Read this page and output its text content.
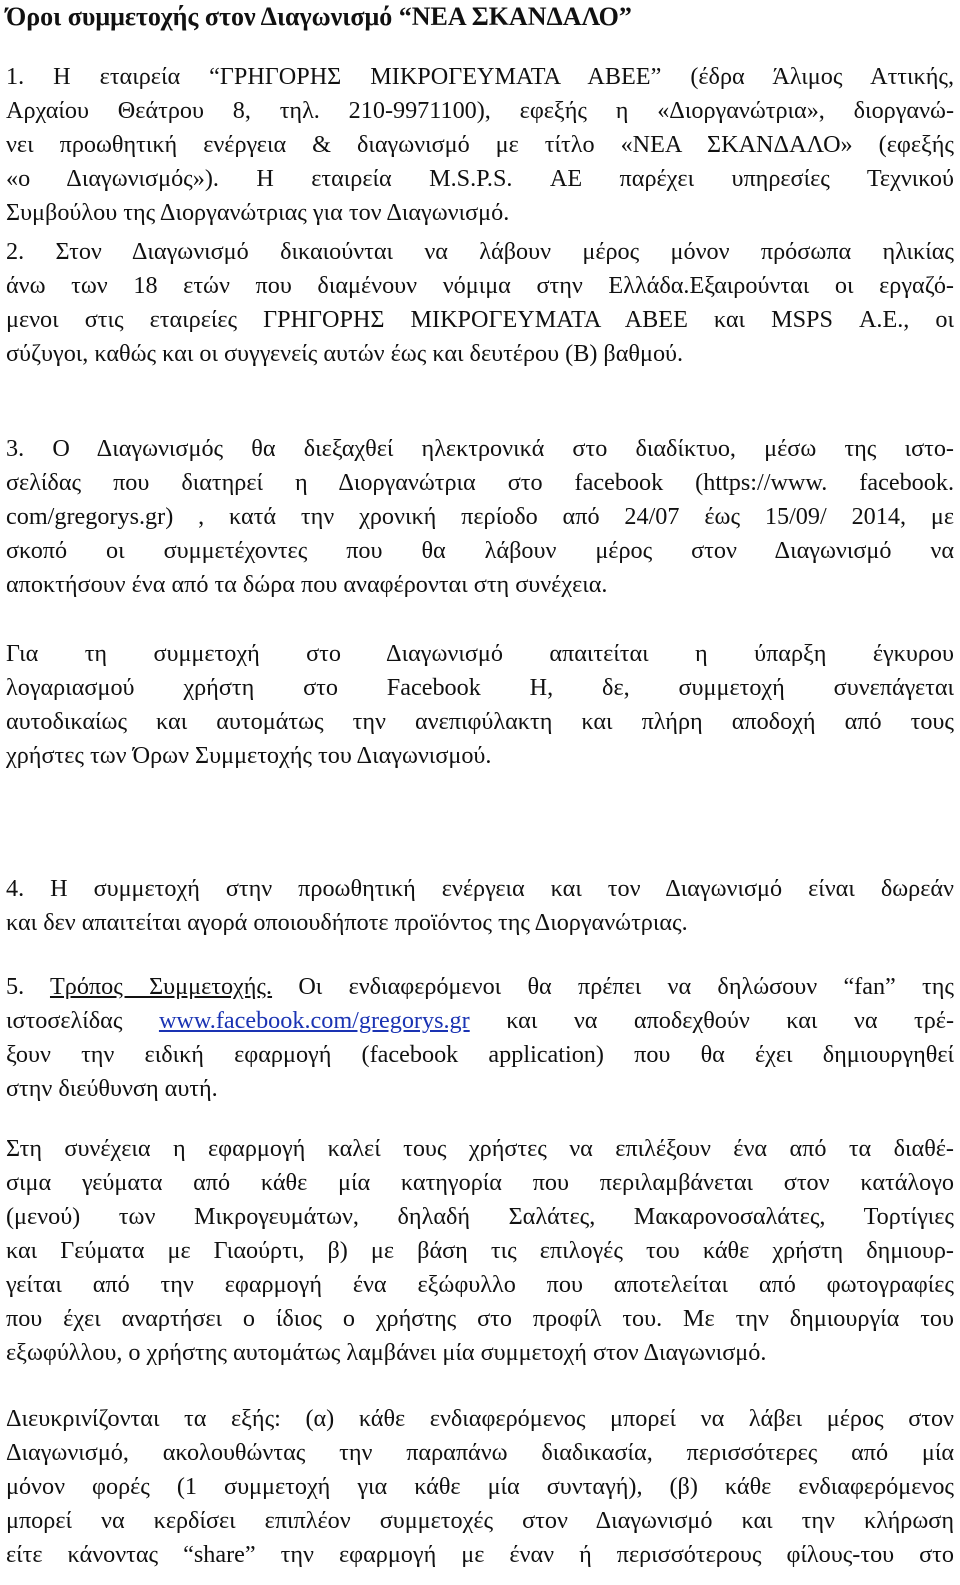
Όροι συμμετοχής στον Διαγωνισμό “ΝΕΑ ΣΚΑΝΔΑΛΟ”
1. Η εταιρεία “ΓΡΗΓΟΡΗΣ ΜΙΚΡΟΓΕΥΜΑΤΑ ΑΒΕΕ” (έδρα Άλιμος Αττικής,
Αρχαίου Θεάτρου 8, τηλ. 210-9971100), εφεξής η «Διοργανώτρια», διοργανώ-
νει προωθητική ενέργεια & διαγωνισμό με τίτλο «ΝΕΑ ΣΚΑΝΔΑΛΟ» (εφεξής
«ο Διαγωνισμός»). Η εταιρεία M.S.P.S. ΑΕ παρέχει υπηρεσίες Τεχνικού
Συμβούλου της Διοργανώτριας για τον Διαγωνισμό.
2. Στον Διαγωνισμό δικαιούνται να λάβουν μέρος μόνον πρόσωπα ηλικίας
άνω των 18 ετών που διαμένουν νόμιμα στην Ελλάδα.Εξαιρούνται οι εργαζό-
μενοι στις εταιρείες ΓΡΗΓΟΡΗΣ ΜΙΚΡΟΓΕΥΜΑΤΑ ΑΒΕΕ και MSPS Α.Ε., οι
σύζυγοι, καθώς και οι συγγενείς αυτών έως και δευτέρου (Β) βαθμού.
3. Ο Διαγωνισμός θα διεξαχθεί ηλεκτρονικά στο διαδίκτυο, μέσω της ιστο-
σελίδας που διατηρεί η Διοργανώτρια στο facebook (https://www. facebook.
com/gregorys.gr) , κατά την χρονική περίοδο από 24/07 έως 15/09/ 2014, με
σκοπό οι συμμετέχοντες που θα λάβουν μέρος στον Διαγωνισμό να
αποκτήσουν ένα από τα δώρα που αναφέρονται στη συνέχεια.
Για τη συμμετοχή στο Διαγωνισμό απαιτείται η ύπαρξη έγκυρου
λογαριασμού χρήστη στο Facebook Η, δε, συμμετοχή συνεπάγεται
αυτοδικαίως και αυτομάτως την ανεπιφύλακτη και πλήρη αποδοχή από τους
χρήστες των Όρων Συμμετοχής του Διαγωνισμού.
4. Η συμμετοχή στην προωθητική ενέργεια και τον Διαγωνισμό είναι δωρεάν
και δεν απαιτείται αγορά οποιουδήποτε προϊόντος της Διοργανώτριας.
5. Τρόπος Συμμετοχής. Οι ενδιαφερόμενοι θα πρέπει να δηλώσουν “fan” της
ιστοσελίδας www.facebook.com/gregorys.gr και να αποδεχθούν και να τρέ-
ξουν την ειδική εφαρμογή (facebook application) που θα έχει δημιουργηθεί
στην διεύθυνση αυτή.
Στη συνέχεια η εφαρμογή καλεί τους χρήστες να επιλέξουν ένα από τα διαθέ-
σιμα γεύματα από κάθε μία κατηγορία που περιλαμβάνεται στον κατάλογο
(μενού) των Μικρογευμάτων, δηλαδή Σαλάτες, Μακαρονοσαλάτες, Τορτίγιες
και Γεύματα με Γιαούρτι, β) με βάση τις επιλογές του κάθε χρήστη δημιουρ-
γείται από την εφαρμογή ένα εξώφυλλο που αποτελείται από φωτογραφίες
που έχει αναρτήσει ο ίδιος ο χρήστης στο προφίλ του. Με την δημιουργία του
εξωφύλλου, ο χρήστης αυτομάτως λαμβάνει μία συμμετοχή στον Διαγωνισμό.
Διευκρινίζονται τα εξής: (α) κάθε ενδιαφερόμενος μπορεί να λάβει μέρος στον
Διαγωνισμό, ακολουθώντας την παραπάνω διαδικασία, περισσότερες από μία
μόνον φορές (1 συμμετοχή για κάθε μία συνταγή), (β) κάθε ενδιαφερόμενος
μπορεί να κερδίσει επιπλέον συμμετοχές στον Διαγωνισμό και την κλήρωση
είτε κάνοντας “share” την εφαρμογή με έναν ή περισσότερους φίλους-του στο
